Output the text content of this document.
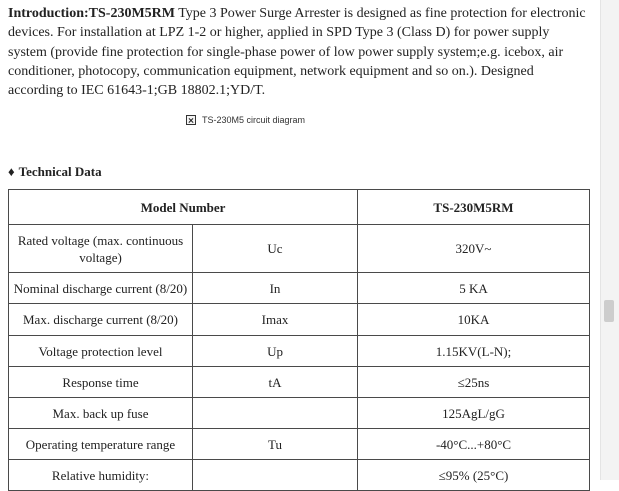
Introduction:TS-230M5RM Type 3 Power Surge Arrester is designed as fine protection for electronic devices. For installation at LPZ 1-2 or higher, applied in SPD Type 3 (Class D) for power supply system (provide fine protection for single-phase power of low power supply system;e.g. icebox, air conditioner, photocopy, communication equipment, network equipment and so on.). Designed according to IEC 61643-1;GB 18802.1;YD/T.

TS-230M5 circuit diagram
♦ Technical Data
Model Number		TS-230M5RM
Rated voltage (max. continuous voltage)	Uc	320V~
Nominal discharge current (8/20)	In	5 KA
Max. discharge current (8/20)	Imax	10KA
Voltage protection level	Up	1.15KV(L-N);
Response time	tA	≤25ns
Max. back up fuse		125AgL/gG
Operating temperature range	Tu	-40°C...+80°C
Relative humidity:		≤95% (25°C)
